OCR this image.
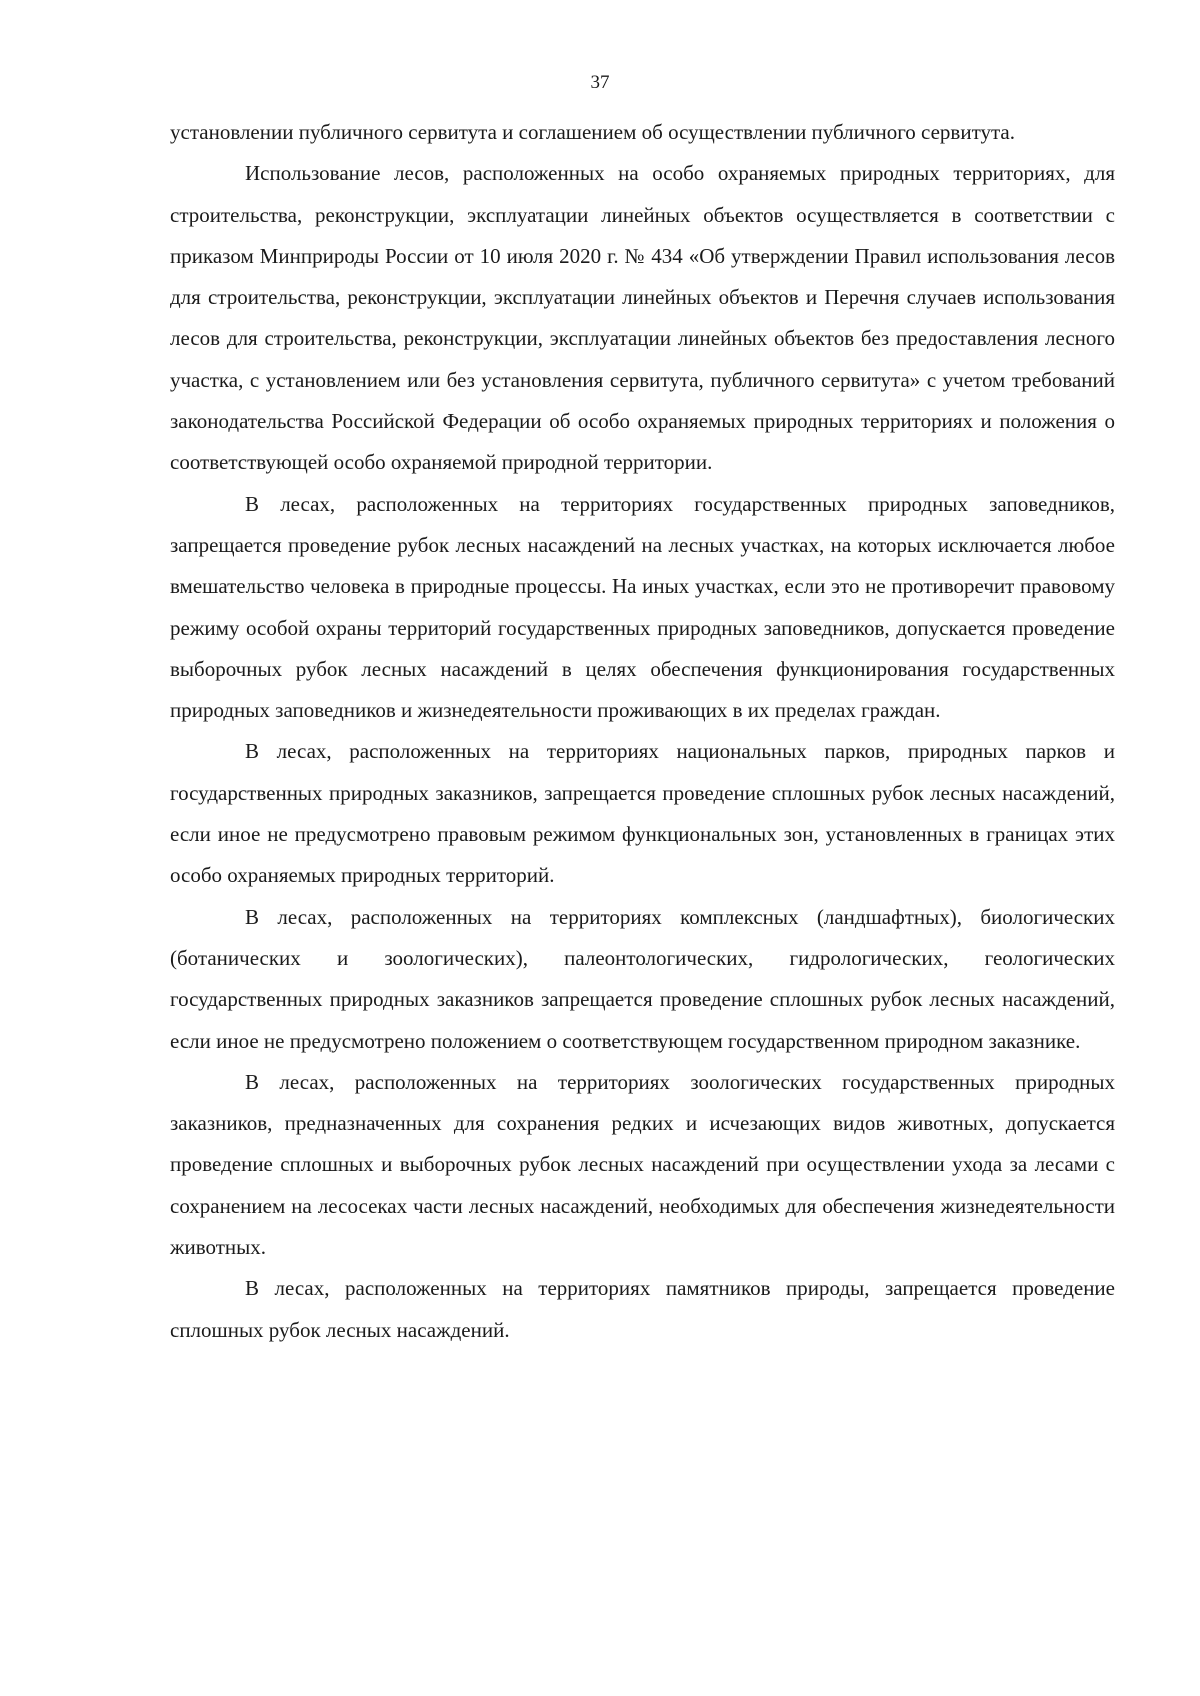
37

установлении публичного сервитута и соглашением об осуществлении публичного сервитута.

Использование лесов, расположенных на особо охраняемых природных территориях, для строительства, реконструкции, эксплуатации линейных объектов осуществляется в соответствии с приказом Минприроды России от 10 июля 2020 г. № 434 «Об утверждении Правил использования лесов для строительства, реконструкции, эксплуатации линейных объектов и Перечня случаев использования лесов для строительства, реконструкции, эксплуатации линейных объектов без предоставления лесного участка, с установлением или без установления сервитута, публичного сервитута» с учетом требований законодательства Российской Федерации об особо охраняемых природных территориях и положения о соответствующей особо охраняемой природной территории.

В лесах, расположенных на территориях государственных природных заповедников, запрещается проведение рубок лесных насаждений на лесных участках, на которых исключается любое вмешательство человека в природные процессы. На иных участках, если это не противоречит правовому режиму особой охраны территорий государственных природных заповедников, допускается проведение выборочных рубок лесных насаждений в целях обеспечения функционирования государственных природных заповедников и жизнедеятельности проживающих в их пределах граждан.

В лесах, расположенных на территориях национальных парков, природных парков и государственных природных заказников, запрещается проведение сплошных рубок лесных насаждений, если иное не предусмотрено правовым режимом функциональных зон, установленных в границах этих особо охраняемых природных территорий.

В лесах, расположенных на территориях комплексных (ландшафтных), биологических (ботанических и зоологических), палеонтологических, гидрологических, геологических государственных природных заказников запрещается проведение сплошных рубок лесных насаждений, если иное не предусмотрено положением о соответствующем государственном природном заказнике.

В лесах, расположенных на территориях зоологических государственных природных заказников, предназначенных для сохранения редких и исчезающих видов животных, допускается проведение сплошных и выборочных рубок лесных насаждений при осуществлении ухода за лесами с сохранением на лесосеках части лесных насаждений, необходимых для обеспечения жизнедеятельности животных.

В лесах, расположенных на территориях памятников природы, запрещается проведение сплошных рубок лесных насаждений.
